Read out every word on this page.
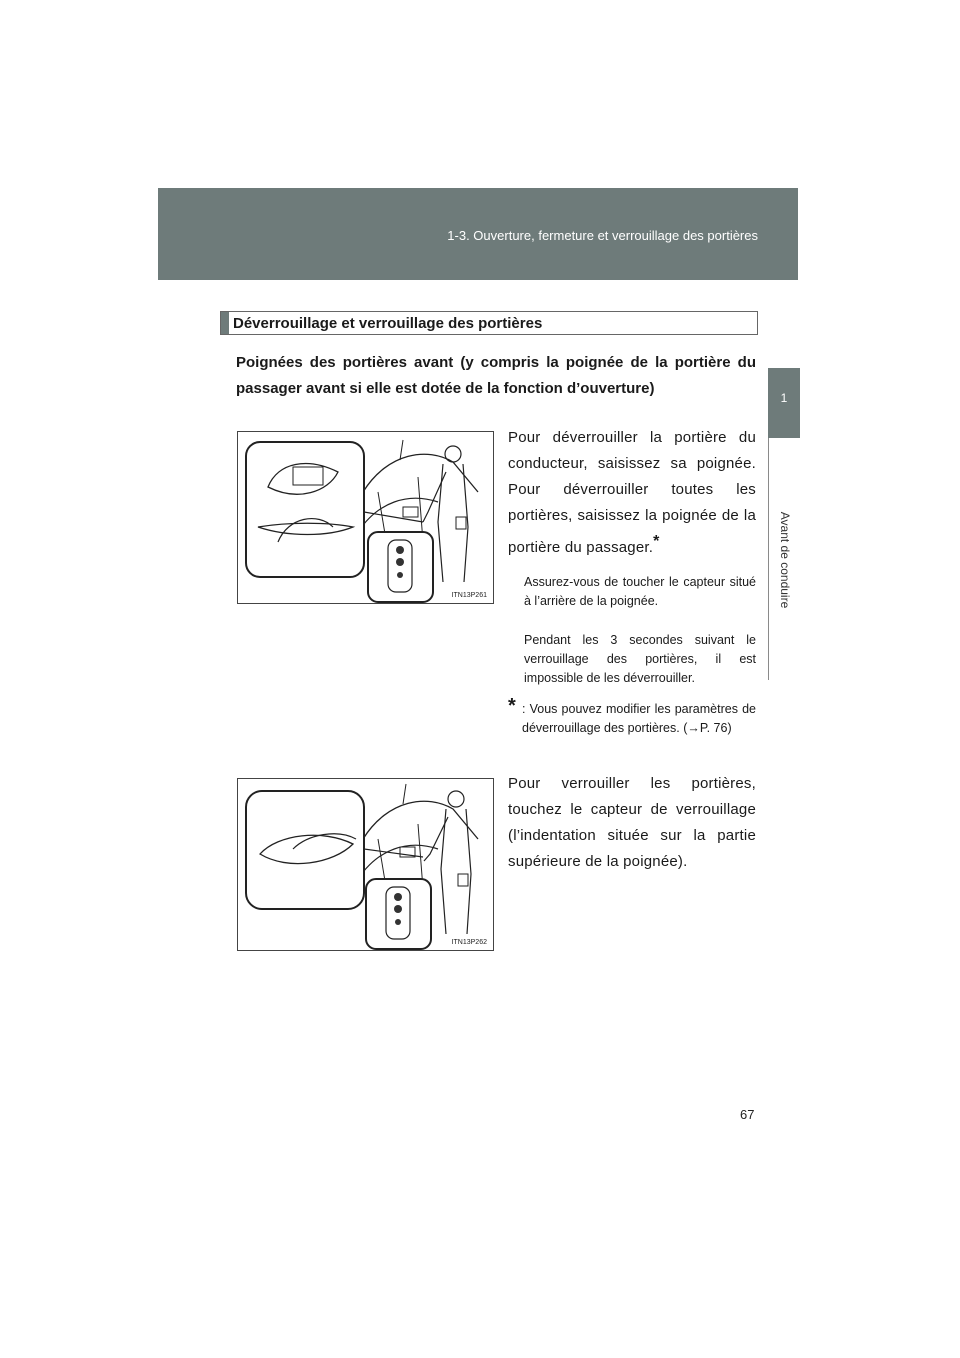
1-3. Ouverture, fermeture et verrouillage des portières
1
Avant de conduire
Déverrouillage et verrouillage des portières
Poignées des portières avant (y compris la poignée de la portière du passager avant si elle est dotée de la fonction d’ouverture)
ITN13P261
Pour déverrouiller la portière du conducteur, saisissez sa poignée. Pour déverrouiller toutes les portières, saisissez la poignée de la portière du passager.*
Assurez-vous de toucher le capteur situé à l’arrière de la poignée.
Pendant les 3 secondes suivant le verrouillage des portières, il est impossible de les déverrouiller.
* : Vous pouvez modifier les paramètres de déverrouillage des portières. (→P. 76)
ITN13P262
Pour verrouiller les portières, touchez le capteur de verrouillage (l’indentation située sur la partie supérieure de la poignée).
67
